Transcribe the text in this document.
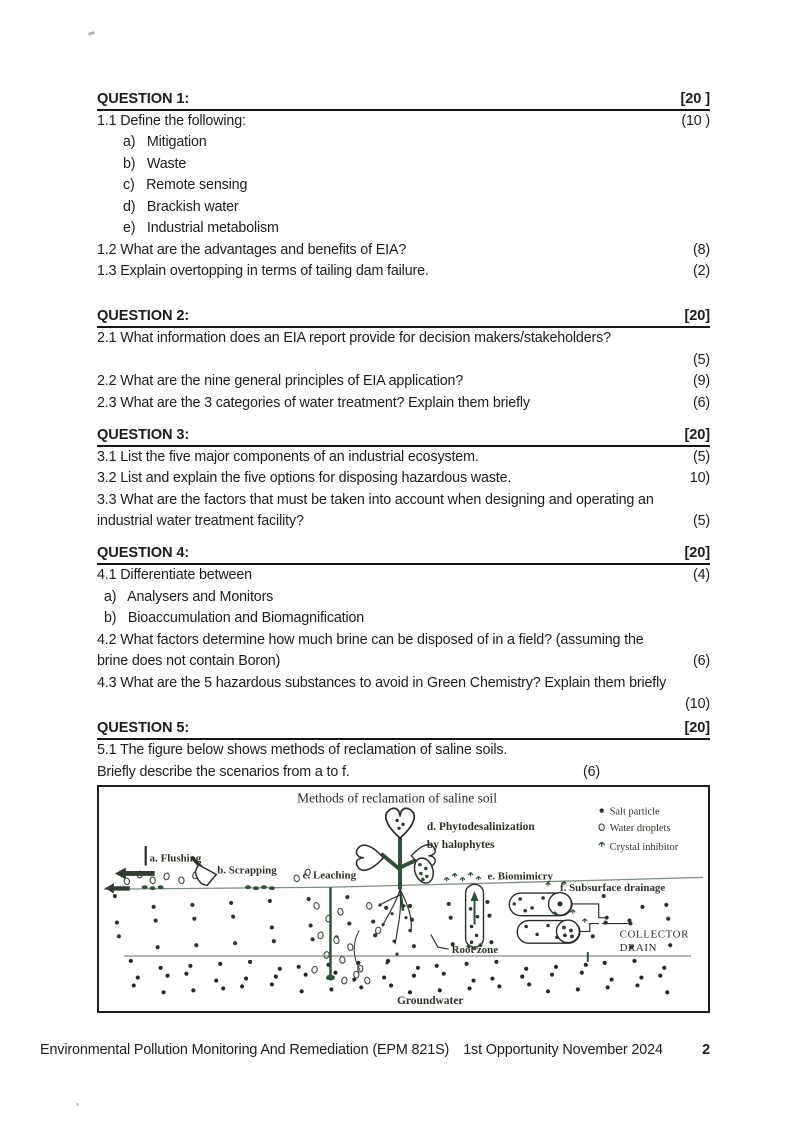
QUESTION 1:	[20 ]
1.1 Define the following:	(10 )
a)   Mitigation
b)   Waste
c)   Remote sensing
d)   Brackish water
e)   Industrial metabolism
1.2 What are the advantages and benefits of EIA?	(8)
1.3 Explain overtopping in terms of tailing dam failure.	(2)
QUESTION 2:	[20]
2.1 What information does an EIA report provide for decision makers/stakeholders?
(5)
2.2 What are the nine general principles of EIA application?	(9)
2.3 What are the 3 categories of water treatment? Explain them briefly	(6)
QUESTION 3:	[20]
3.1 List the five major components of an industrial ecosystem.	(5)
3.2 List and explain the five options for disposing hazardous waste.	10)
3.3 What are the factors that must be taken into account when designing and operating an
industrial water treatment facility?	(5)
QUESTION 4:	[20]
4.1 Differentiate between	(4)
a)   Analysers and Monitors
b)   Bioaccumulation and Biomagnification
4.2 What factors determine how much brine can be disposed of in a field? (assuming the
brine does not contain Boron)	(6)
4.3 What are the 5 hazardous substances to avoid in Green Chemistry? Explain them briefly
(10)
QUESTION 5:	[20]
5.1 The figure below shows methods of reclamation of saline soils.
Briefly describe the scenarios from a to f.	(6)
Methods of reclamation of saline soil
Salt particle
Water droplets
Crystal inhibitor
a. Flushing
b. Scrapping c. Leaching
d. Phytodesalinization
by halophytes
e. Biomimicry
f. Subsurface drainage
COLLECTOR
DRAIN
Root zone
Groundwater
Environmental Pollution Monitoring And Remediation (EPM 821S) 1st Opportunity November 2024	2
